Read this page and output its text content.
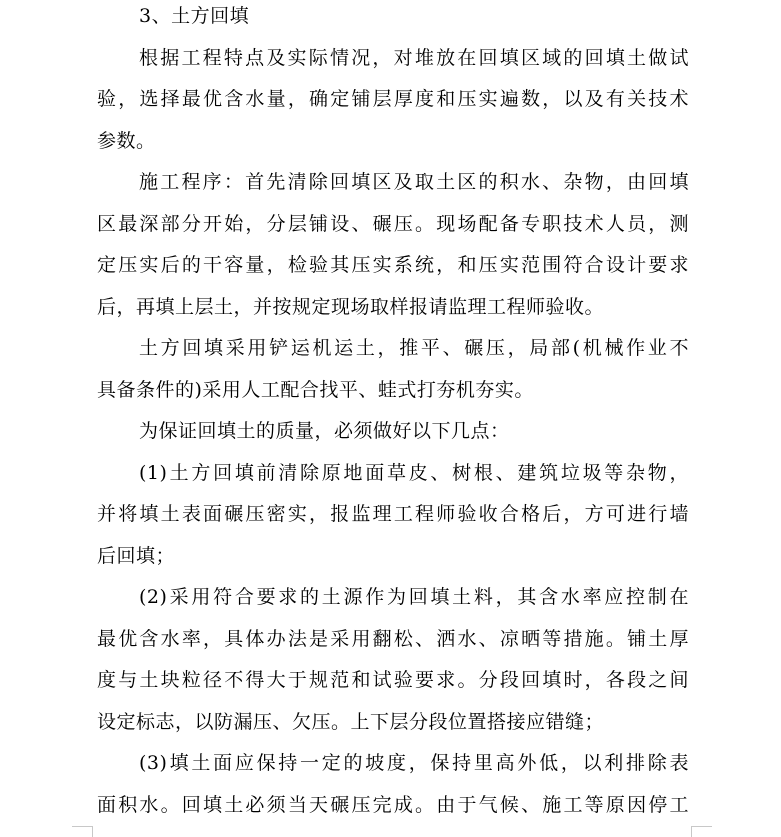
3、土方回填
根据工程特点及实际情况，对堆放在回填区域的回填土做试
验，选择最优含水量，确定铺层厚度和压实遍数，以及有关技术
参数。
施工程序：首先清除回填区及取土区的积水、杂物，由回填
区最深部分开始，分层铺设、碾压。现场配备专职技术人员，测
定压实后的干容量，检验其压实系统，和压实范围符合设计要求
后，再填上层土，并按规定现场取样报请监理工程师验收。
土方回填采用铲运机运土，推平、碾压，局部(机械作业不
具备条件的)采用人工配合找平、蛙式打夯机夯实。
为保证回填土的质量，必须做好以下几点：
(1)土方回填前清除原地面草皮、树根、建筑垃圾等杂物，
并将填土表面碾压密实，报监理工程师验收合格后，方可进行墙
后回填；
(2)采用符合要求的土源作为回填土料，其含水率应控制在
最优含水率，具体办法是采用翻松、洒水、凉晒等措施。铺土厚
度与土块粒径不得大于规范和试验要求。分段回填时，各段之间
设定标志，以防漏压、欠压。上下层分段位置搭接应错缝；
(3)填土面应保持一定的坡度，保持里高外低，以利排除表
面积水。回填土必须当天碾压完成。由于气候、施工等原因停工
